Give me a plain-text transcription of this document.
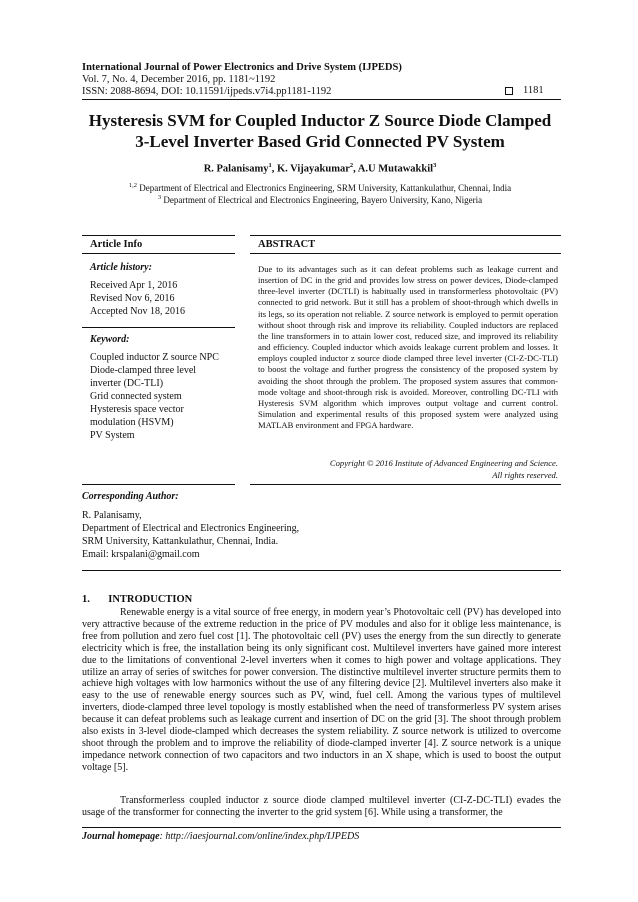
International Journal of Power Electronics and Drive System (IJPEDS)
Vol. 7, No. 4, December 2016, pp. 1181~1192
ISSN: 2088-8694, DOI: 10.11591/ijpeds.v7i4.pp1181-1192	1181
Hysteresis SVM for Coupled Inductor Z Source Diode Clamped
3-Level Inverter Based Grid Connected PV System
R. Palanisamy$^1$, K. Vijayakumar$^2$, A.U Mutawakkil$^3$
$^{1,2}$ Department of Electrical and Electronics Engineering, SRM University, Kattankulathur, Chennai, India
$^3$ Department of Electrical and Electronics Engineering, Bayero University, Kano, Nigeria
Article Info
Article history:
Received Apr 1, 2016
Revised Nov 6, 2016
Accepted Nov 18, 2016
Keyword:
Coupled inductor Z source NPC
Diode-clamped three level
inverter (DC-TLI)
Grid connected system
Hysteresis space vector
modulation (HSVM)
PV System
ABSTRACT
Due to its advantages such as it can defeat problems such as leakage current and insertion of DC in the grid and provides low stress on power devices, Diode-clamped three-level inverter (DCTLI) is habitually used in transformerless photovoltaic (PV) connected to grid network. But it still has a problem of shoot-through which dwells in its legs, so its operation not reliable. Z source network is employed to permit operation without shoot through risk and improve its reliability. Coupled inductors are replaced the line transformers in to attain lower cost, reduced size, and improved its reliability and efficiency. Coupled inductor which avoids leakage current problem and losses. It employs coupled inductor z source diode clamped three level inverter (CI-Z-DC-TLI) to boost the voltage and further progress the consistency of the proposed system by avoiding the shoot through the problem. The proposed system assures that common-mode voltage and shoot-through risk is avoided. Moreover, controlling DC-TLI with Hysteresis SVM algorithm which improves output voltage and current control. Simulation and experimental results of this proposed system were analyzed using MATLAB environment and FPGA hardware.
Copyright © 2016 Institute of Advanced Engineering and Science.
All rights reserved.
Corresponding Author:
R. Palanisamy,
Department of Electrical and Electronics Engineering,
SRM University, Kattankulathur, Chennai, India.
Email: krspalani@gmail.com
1.       INTRODUCTION
Renewable energy is a vital source of free energy, in modern year’s Photovoltaic cell (PV) has developed into very attractive because of the extreme reduction in the price of PV modules and also for it oblige less maintenance, is free from pollution and zero fuel cost [1]. The photovoltaic cell (PV) uses the energy from the sun directly to generate electricity which is free, the installation being its only significant cost. Multilevel inverters have gained more interest due to the limitations of conventional 2-level inverters when it comes to high power and voltage applications. They utilize an array of series of switches for power conversion. The distinctive multilevel inverter structure permits them to achieve high voltages with low harmonics without the use of any filtering device [2]. Multilevel inverters also make it easy to the use of renewable energy sources such as PV, wind, fuel cell. Among the various types of multilevel inverters, diode-clamped three level topology is mostly established when the need of transformerless PV system arises because it can defeat problems such as leakage current and insertion of DC on the grid [3]. The shoot through problem also exists in 3-level diode-clamped which decreases the system reliability. Z source network is utilized to overcome shoot through the problem and to improve the reliability of diode-clamped inverter [4]. Z source network is a unique impedance network connection of two capacitors and two inductors in an X shape, which is used to boost the output voltage [5].
Transformerless coupled inductor z source diode clamped multilevel inverter (CI-Z-DC-TLI) evades the usage of the transformer for connecting the inverter to the grid system [6]. While using a transformer, the
Journal homepage: http://iaesjournal.com/online/index.php/IJPEDS
